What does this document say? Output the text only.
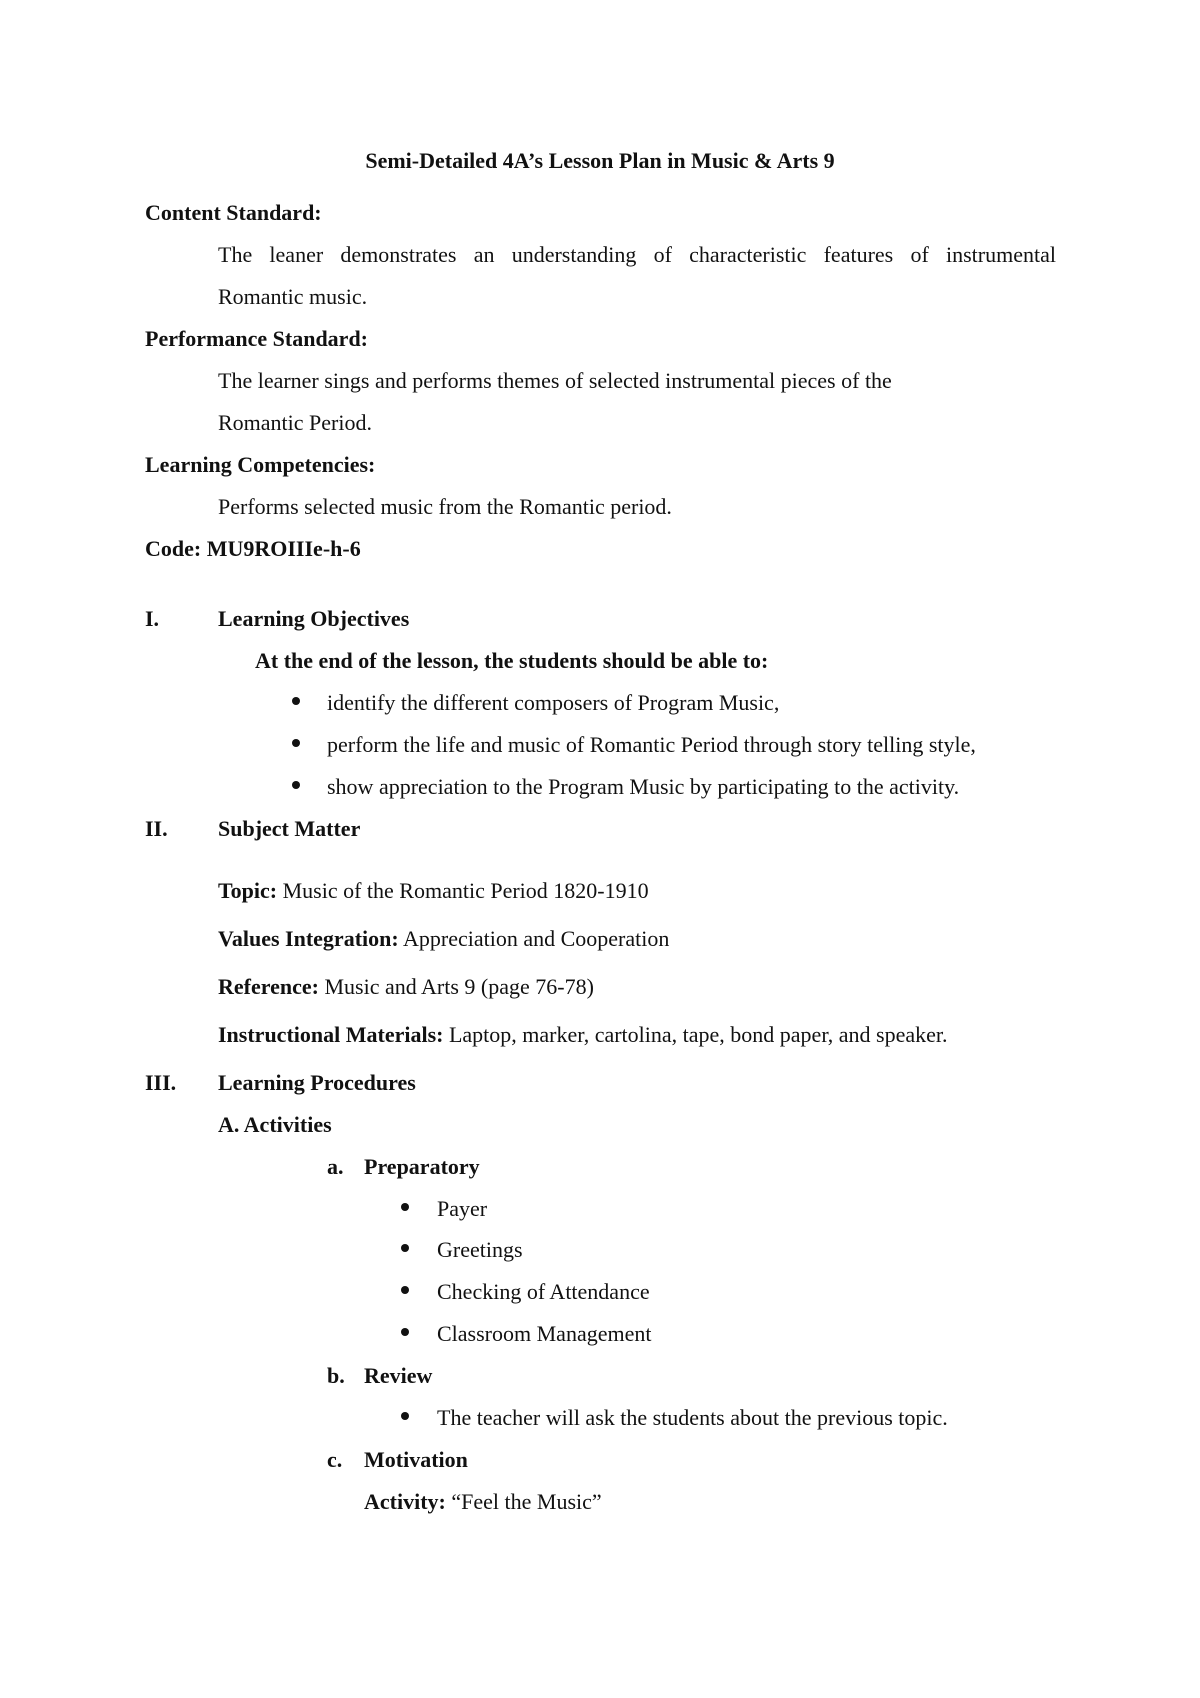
Semi-Detailed 4A’s Lesson Plan in Music & Arts 9
Content Standard:
The leaner demonstrates an understanding of characteristic features of instrumental
Romantic music.
Performance Standard:
The learner sings and performs themes of selected instrumental pieces of the
Romantic Period.
Learning Competencies:
Performs selected music from the Romantic period.
Code: MU9ROIIIe-h-6
I.	Learning Objectives
At the end of the lesson, the students should be able to:
identify the different composers of Program Music,
perform the life and music of Romantic Period through story telling style,
show appreciation to the Program Music by participating to the activity.
II. Subject Matter
Topic: Music of the Romantic Period 1820-1910
Values Integration: Appreciation and Cooperation
Reference: Music and Arts 9 (page 76-78)
Instructional Materials: Laptop, marker, cartolina, tape, bond paper, and speaker.
III. Learning Procedures
A. Activities
a. Preparatory
Payer
Greetings
Checking of Attendance
Classroom Management
b. Review
The teacher will ask the students about the previous topic.
c. Motivation
Activity: “Feel the Music”
